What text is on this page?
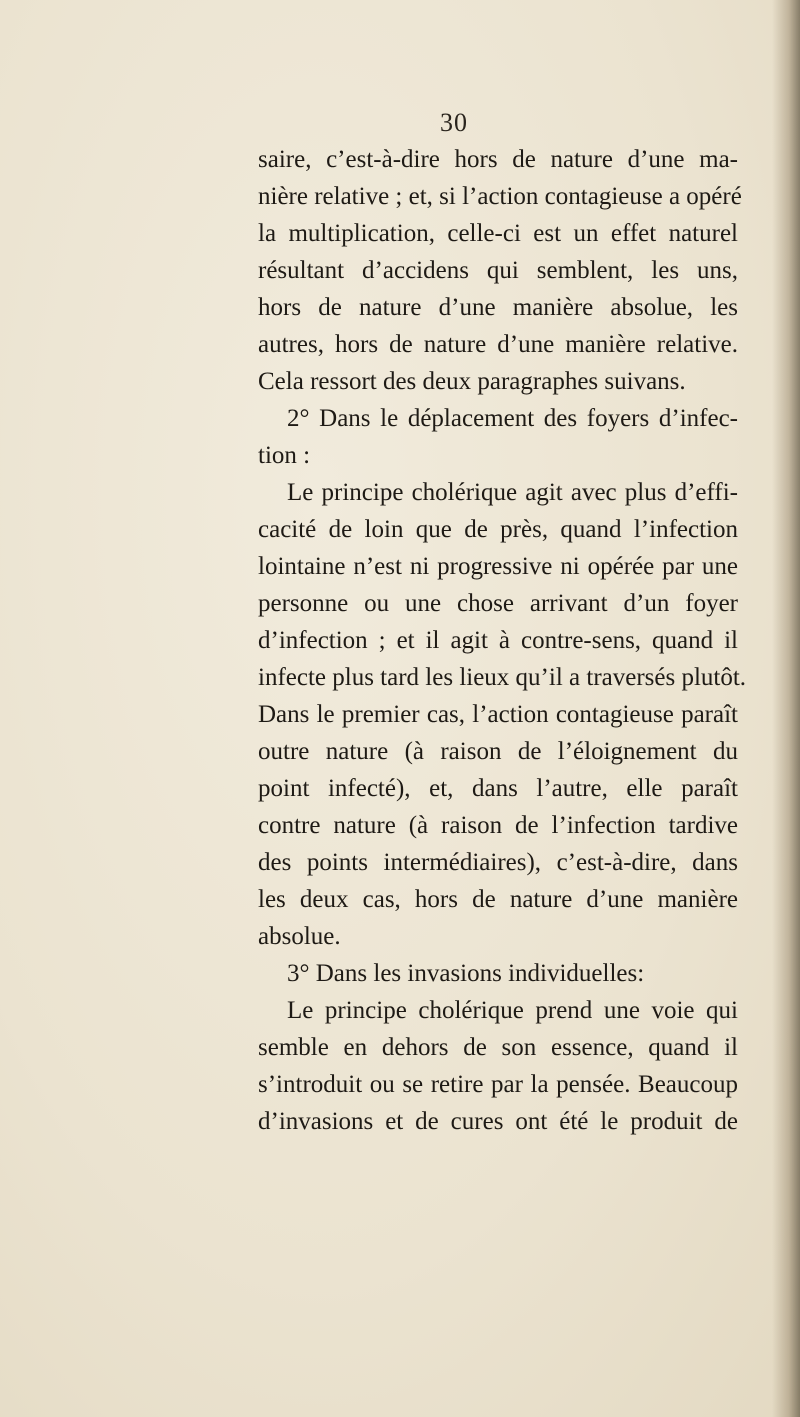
30
saire, c’est-à-dire hors de nature d’une ma-
nière relative ; et, si l’action contagieuse a opéré
la multiplication, celle-ci est un effet naturel
résultant d’accidens qui semblent, les uns,
hors de nature d’une manière absolue, les
autres, hors de nature d’une manière relative.
Cela ressort des deux paragraphes suivans.
2° Dans le déplacement des foyers d’infec-
tion :
Le principe cholérique agit avec plus d’effi-
cacité de loin que de près, quand l’infection
lointaine n’est ni progressive ni opérée par une
personne ou une chose arrivant d’un foyer
d’infection ; et il agit à contre-sens, quand il
infecte plus tard les lieux qu’il a traversés plutôt.
Dans le premier cas, l’action contagieuse paraît
outre nature (à raison de l’éloignement du
point infecté), et, dans l’autre, elle paraît
contre nature (à raison de l’infection tardive
des points intermédiaires), c’est-à-dire, dans
les deux cas, hors de nature d’une manière
absolue.
3° Dans les invasions individuelles:
Le principe cholérique prend une voie qui
semble en dehors de son essence, quand il
s’introduit ou se retire par la pensée. Beaucoup
d’invasions et de cures ont été le produit de
